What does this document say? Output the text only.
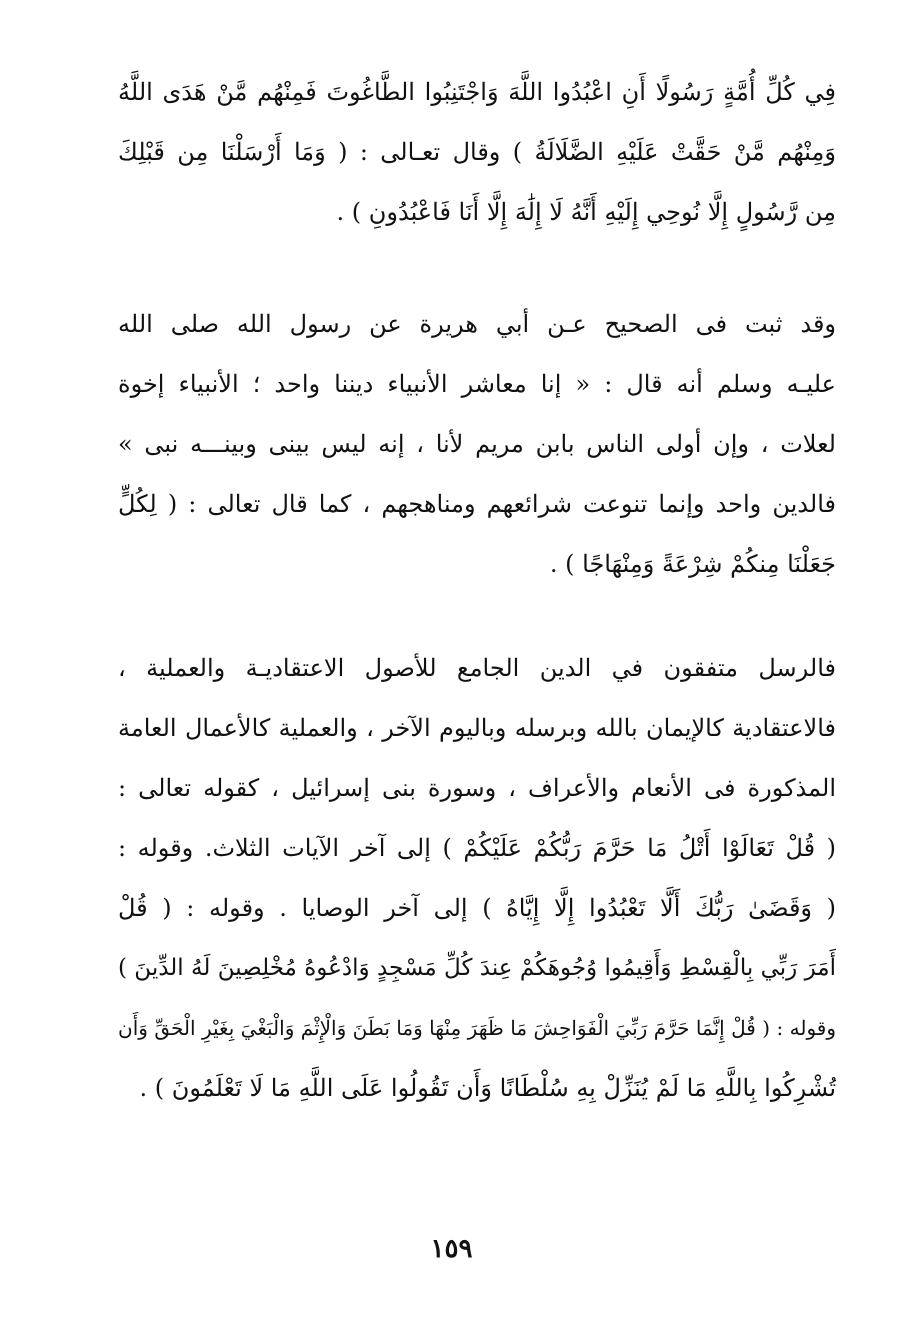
فِي كُلِّ أُمَّةٍ رَسُولًا أَنِ اعْبُدُوا اللَّهَ وَاجْتَنِبُوا الطَّاغُوتَ فَمِنْهُم مَّنْ هَدَى اللَّهُ
وَمِنْهُم مَّنْ حَقَّتْ عَلَيْهِ الضَّلَالَةُ ) وقال تعـالى : ( وَمَا أَرْسَلْنَا مِن قَبْلِكَ
مِن رَّسُولٍ إِلَّا نُوحِي إِلَيْهِ أَنَّهُ لَا إِلَٰهَ إِلَّا أَنَا فَاعْبُدُونِ ) .
وقد ثبت فى الصحيح عـن أبي هريرة عن رسول الله صلى الله
عليـه وسلم أنه قال : « إنا معاشر الأنبياء ديننا واحد ؛ الأنبياء إخوة
لعلات ، وإن أولى الناس بابن مريم لأنا ، إنه ليس بينى وبينـــه نبى »
فالدين واحد وإنما تنوعت شرائعهم ومناهجهم ، كما قال تعالى : ( لِكُلٍّ
جَعَلْنَا مِنكُمْ شِرْعَةً وَمِنْهَاجًا ) .
فالرسل متفقون في الدين الجامع للأصول الاعتقاديـة والعملية ،
فالاعتقادية كالإيمان بالله وبرسله وباليوم الآخر ، والعملية كالأعمال العامة
المذكورة فى الأنعام والأعراف ، وسورة بنى إسرائيل ، كقوله تعالى :
( قُلْ تَعَالَوْا أَتْلُ مَا حَرَّمَ رَبُّكُمْ عَلَيْكُمْ ) إلى آخر الآيات الثلاث. وقوله :
( وَقَضَىٰ رَبُّكَ أَلَّا تَعْبُدُوا إِلَّا إِيَّاهُ ) إلى آخر الوصايا . وقوله : ( قُلْ
أَمَرَ رَبِّي بِالْقِسْطِ وَأَقِيمُوا وُجُوهَكُمْ عِندَ كُلِّ مَسْجِدٍ وَادْعُوهُ مُخْلِصِينَ لَهُ الدِّينَ )
وقوله : ( قُلْ إِنَّمَا حَرَّمَ رَبِّيَ الْفَوَاحِشَ مَا ظَهَرَ مِنْهَا وَمَا بَطَنَ وَالْإِثْمَ وَالْبَغْيَ بِغَيْرِ الْحَقِّ وَأَن
تُشْرِكُوا بِاللَّهِ مَا لَمْ يُنَزِّلْ بِهِ سُلْطَانًا وَأَن تَقُولُوا عَلَى اللَّهِ مَا لَا تَعْلَمُونَ ) .
١٥٩
